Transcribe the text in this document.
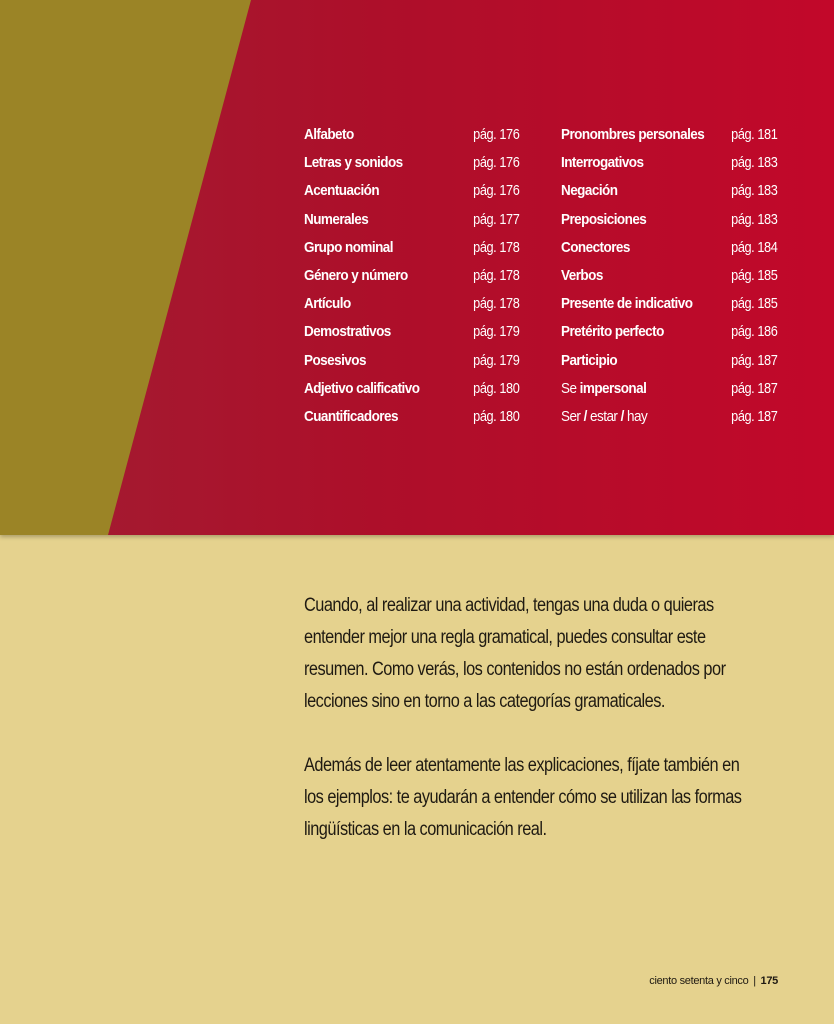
Alfabeto	pág. 176
Letras y sonidos	pág. 176
Acentuación	pág. 176
Numerales	pág. 177
Grupo nominal	pág. 178
Género y número	pág. 178
Artículo	pág. 178
Demostrativos	pág. 179
Posesivos	pág. 179
Adjetivo calificativo	pág. 180
Cuantificadores	pág. 180
Pronombres personales pág. 181
Interrogativos	pág. 183
Negación	pág. 183
Preposiciones	pág. 183
Conectores	pág. 184
Verbos	pág. 185
Presente de indicativo	pág. 185
Pretérito perfecto	pág. 186
Participio	pág. 187
Se impersonal	pág. 187
Ser / estar / hay	pág. 187

Cuando, al realizar una actividad, tengas una duda o quieras entender mejor una regla gramatical, puedes consultar este resumen. Como verás, los contenidos no están ordenados por lecciones sino en torno a las categorías gramaticales.

Además de leer atentamente las explicaciones, fíjate también en los ejemplos: te ayudarán a entender cómo se utilizan las formas lingüísticas en la comunicación real.

ciento setenta y cinco | 175
